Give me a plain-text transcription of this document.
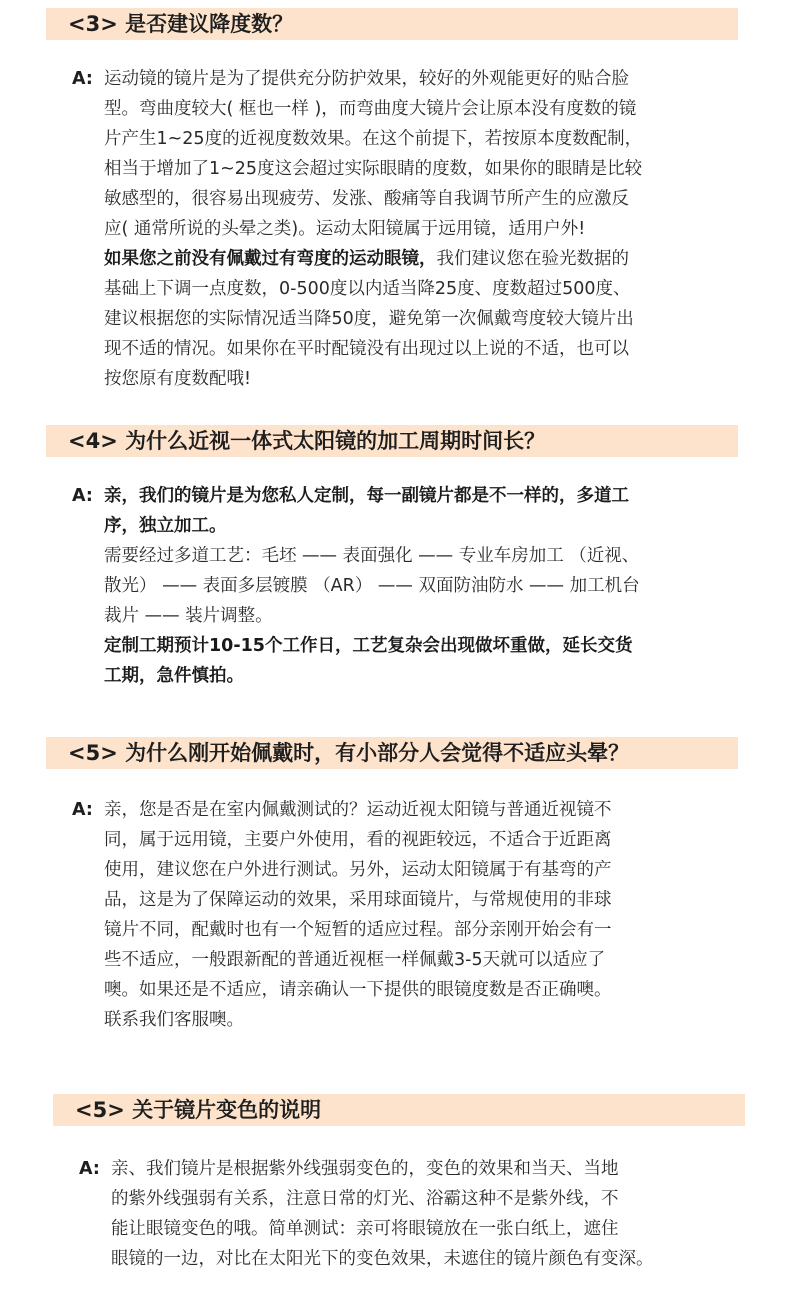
<3> 是否建议降度数？
A: 运动镜的镜片是为了提供充分防护效果，较好的外观能更好的贴合脸
型。弯曲度较大( 框也一样 )，而弯曲度大镜片会让原本没有度数的镜
片产生1~25度的近视度数效果。在这个前提下，若按原本度数配制，
相当于增加了1~25度这会超过实际眼睛的度数，如果你的眼睛是比较
敏感型的，很容易出现疲劳、发涨、酸痛等自我调节所产生的应激反
应( 通常所说的头晕之类)。运动太阳镜属于远用镜，适用户外!
如果您之前没有佩戴过有弯度的运动眼镜，我们建议您在验光数据的
基础上下调一点度数，0-500度以内适当降25度、度数超过500度、
建议根据您的实际情况适当降50度，避免第一次佩戴弯度较大镜片出
现不适的情况。如果你在平时配镜没有出现过以上说的不适，也可以
按您原有度数配哦!
<4> 为什么近视一体式太阳镜的加工周期时间长？
A: 亲，我们的镜片是为您私人定制，每一副镜片都是不一样的，多道工
序，独立加工。
需要经过多道工艺：毛坯 —— 表面强化 —— 专业车房加工 （近视、
散光） —— 表面多层镀膜 （AR） —— 双面防油防水 —— 加工机台
裁片 —— 装片调整。
定制工期预计10-15个工作日，工艺复杂会出现做坏重做，延长交货
工期，急件慎拍。
<5> 为什么刚开始佩戴时，有小部分人会觉得不适应头晕？
A: 亲，您是否是在室内佩戴测试的？运动近视太阳镜与普通近视镜不
同，属于远用镜，主要户外使用，看的视距较远，不适合于近距离
使用，建议您在户外进行测试。另外，运动太阳镜属于有基弯的产
品，这是为了保障运动的效果，采用球面镜片，与常规使用的非球
镜片不同，配戴时也有一个短暂的适应过程。部分亲刚开始会有一
些不适应，一般跟新配的普通近视框一样佩戴3-5天就可以适应了
噢。如果还是不适应，请亲确认一下提供的眼镜度数是否正确噢。
联系我们客服噢。
<5> 关于镜片变色的说明
A: 亲、我们镜片是根据紫外线强弱变色的，变色的效果和当天、当地
的紫外线强弱有关系，注意日常的灯光、浴霸这种不是紫外线，不
能让眼镜变色的哦。简单测试：亲可将眼镜放在一张白纸上，遮住
眼镜的一边，对比在太阳光下的变色效果，未遮住的镜片颜色有变深。
